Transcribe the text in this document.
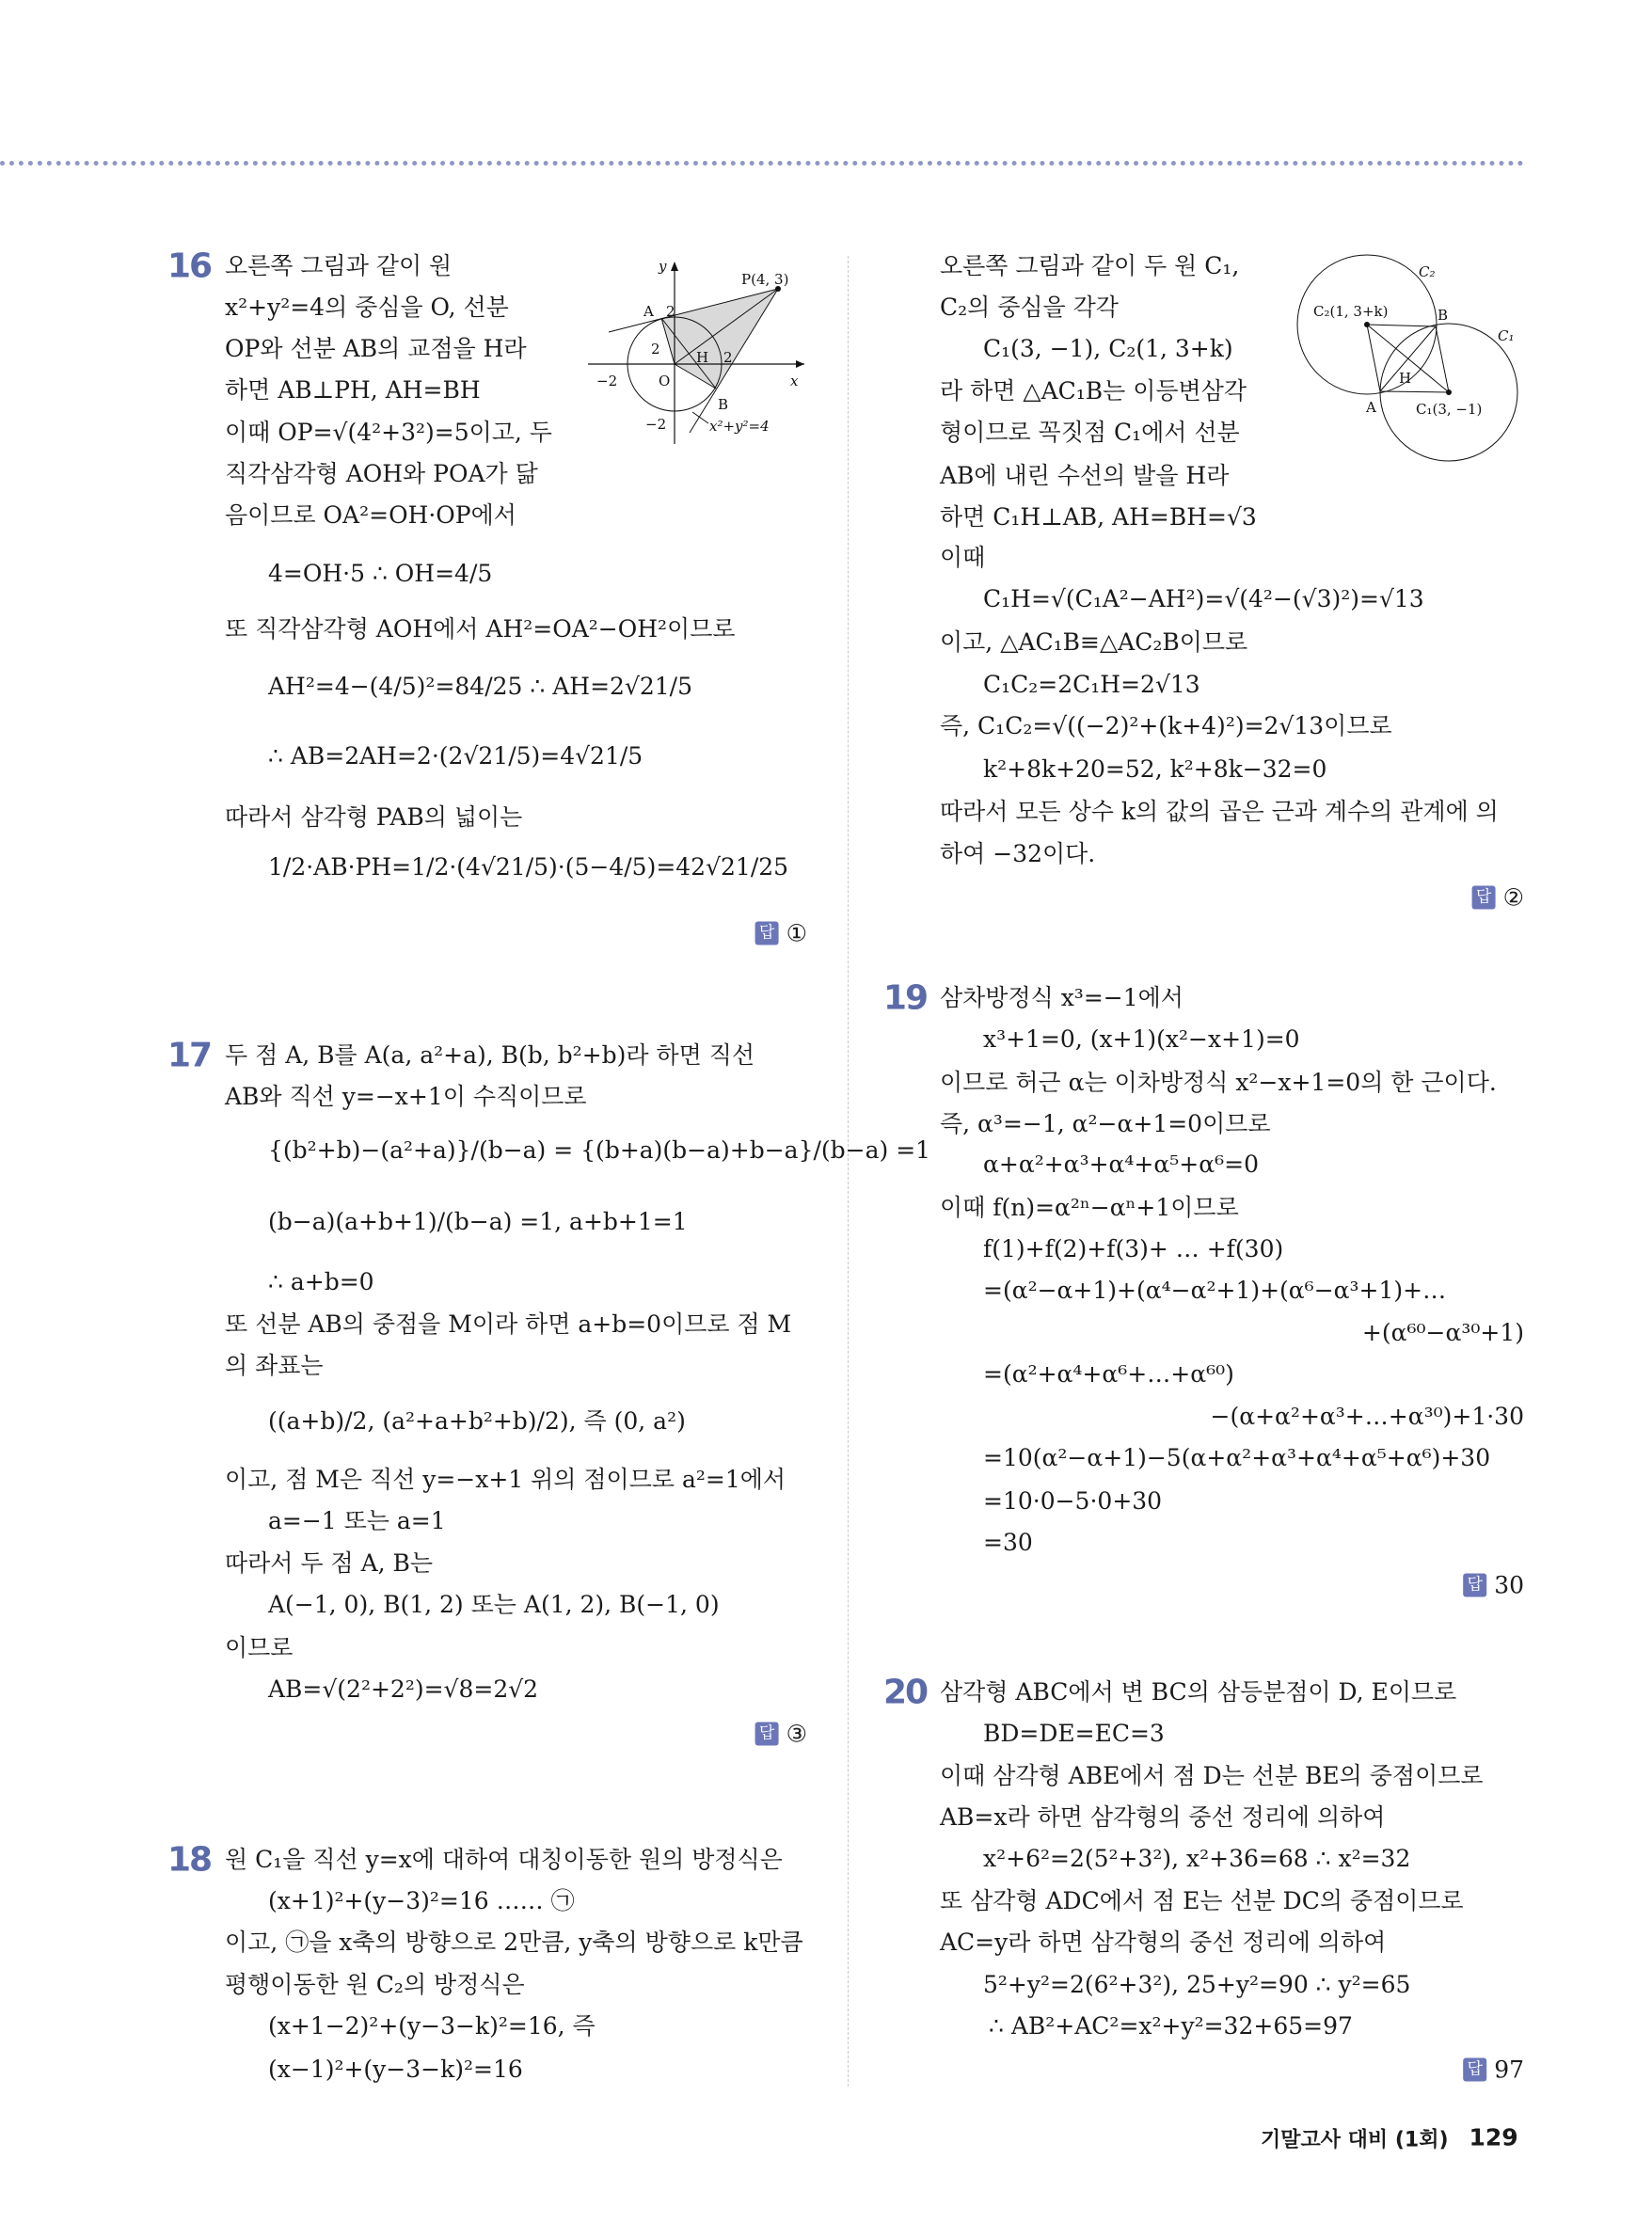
16 오른쪽 그림과 같이 원
x²+y²=4의 중심을 O, 선분
OP와 선분 AB의 교점을 H라
하면 AB⊥PH, AH=BH
이때 OP=√(4²+3²)=5이고, 두
직각삼각형 AOH와 POA가 닮
음이므로 OA²=OH·OP에서
4=OH·5 ∴ OH=4/5
또 직각삼각형 AOH에서 AH²=OA²−OH²이므로
AH²=4−(4/5)²=84/25 ∴ AH=2√21/5
∴ AB=2AH=2·(2√21/5)=4√21/5
따라서 삼각형 PAB의 넓이는
1/2·AB·PH=1/2·(4√21/5)·(5−4/5)=42√21/25
답 ①
17 두 점 A, B를 A(a, a²+a), B(b, b²+b)라 하면 직선
AB와 직선 y=−x+1이 수직이므로
{(b²+b)−(a²+a)}/(b−a) = {(b+a)(b−a)+b−a}/(b−a) =1
(b−a)(a+b+1)/(b−a) =1, a+b+1=1
∴ a+b=0
또 선분 AB의 중점을 M이라 하면 a+b=0이므로 점 M
의 좌표는
((a+b)/2, (a²+a+b²+b)/2), 즉 (0, a²)
이고, 점 M은 직선 y=−x+1 위의 점이므로 a²=1에서
a=−1 또는 a=1
따라서 두 점 A, B는
A(−1, 0), B(1, 2) 또는 A(1, 2), B(−1, 0)
이므로
AB=√(2²+2²)=√8=2√2
답 ③
18 원 C₁을 직선 y=x에 대하여 대칭이동한 원의 방정식은
(x+1)²+(y−3)²=16 …… ㉠
이고, ㉠을 x축의 방향으로 2만큼, y축의 방향으로 k만큼
평행이동한 원 C₂의 방정식은
(x+1−2)²+(y−3−k)²=16, 즉
(x−1)²+(y−3−k)²=16
오른쪽 그림과 같이 두 원 C₁,
C₂의 중심을 각각
C₁(3, −1), C₂(1, 3+k)
라 하면 △AC₁B는 이등변삼각
형이므로 꼭짓점 C₁에서 선분
AB에 내린 수선의 발을 H라
하면 C₁H⊥AB, AH=BH=√3
이때
C₁H=√(C₁A²−AH²)=√(4²−(√3)²)=√13
이고, △AC₁B≡△AC₂B이므로
C₁C₂=2C₁H=2√13
즉, C₁C₂=√((−2)²+(k+4)²)=2√13이므로
k²+8k+20=52, k²+8k−32=0
따라서 모든 상수 k의 값의 곱은 근과 계수의 관계에 의
하여 −32이다.
답 ②
19 삼차방정식 x³=−1에서
x³+1=0, (x+1)(x²−x+1)=0
이므로 허근 α는 이차방정식 x²−x+1=0의 한 근이다.
즉, α³=−1, α²−α+1=0이므로
α+α²+α³+α⁴+α⁵+α⁶=0
이때 f(n)=α²ⁿ−αⁿ+1이므로
f(1)+f(2)+f(3)+ … +f(30)
=(α²−α+1)+(α⁴−α²+1)+(α⁶−α³+1)+…
+(α⁶⁰−α³⁰+1)
=(α²+α⁴+α⁶+…+α⁶⁰)
−(α+α²+α³+…+α³⁰)+1·30
=10(α²−α+1)−5(α+α²+α³+α⁴+α⁵+α⁶)+30
=10·0−5·0+30
=30
답 30
20 삼각형 ABC에서 변 BC의 삼등분점이 D, E이므로
BD=DE=EC=3
이때 삼각형 ABE에서 점 D는 선분 BE의 중점이므로
AB=x라 하면 삼각형의 중선 정리에 의하여
x²+6²=2(5²+3²), x²+36=68 ∴ x²=32
또 삼각형 ADC에서 점 E는 선분 DC의 중점이므로
AC=y라 하면 삼각형의 중선 정리에 의하여
5²+y²=2(6²+3²), 25+y²=90 ∴ y²=65
∴ AB²+AC²=x²+y²=32+65=97
답 97
y
P(4, 3)
A 2
2	H 2
−2	O	x
B
−2	x²+y²=4
C₂
C₂(1, 3+k)	B
C₁
H
A	C₁(3, −1)
기말고사 대비 (1회) 129
